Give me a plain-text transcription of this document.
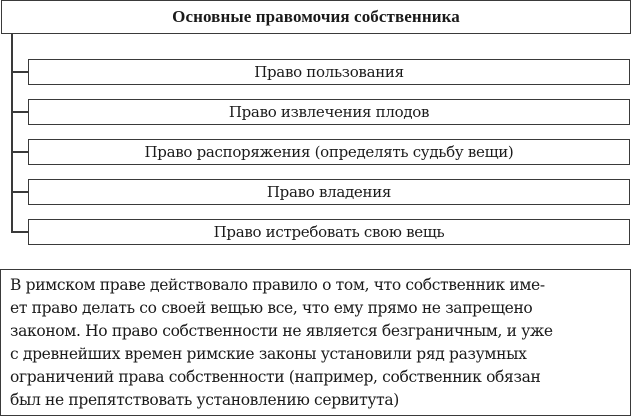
Основные правомочия собственника
Право пользования
Право извлечения плодов
Право распоряжения (определять судьбу вещи)
Право владения
Право истребовать свою вещь
В римском праве действовало правило о том, что собственник име-
ет право делать со своей вещью все, что ему прямо не запрещено
законом. Но право собственности не является безграничным, и уже
с древнейших времен римские законы установили ряд разумных
ограничений права собственности (например, собственник обязан
был не препятствовать установлению сервитута)
